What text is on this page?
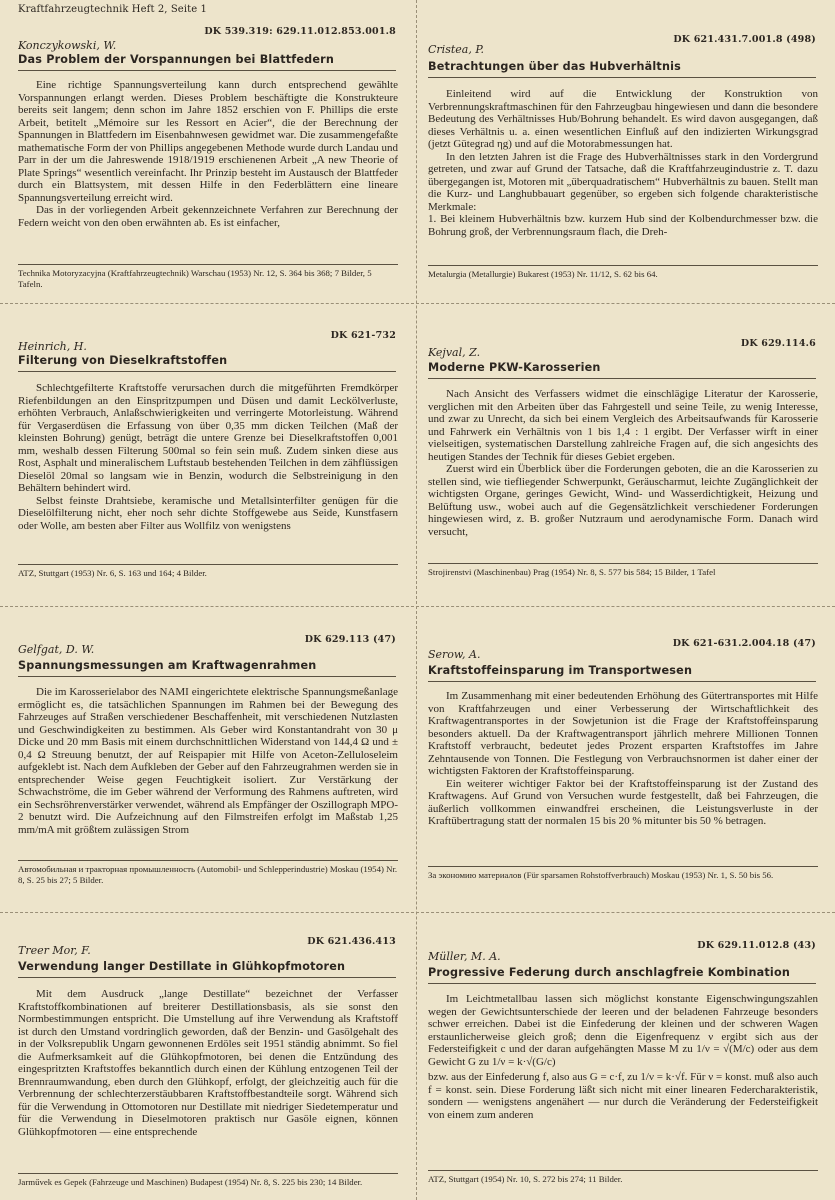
Kraftfahrzeugtechnik Heft 2, Seite 1
DK 539.319: 629.11.012.853.001.8
Konczykowski, W.
Das Problem der Vorspannungen bei Blattfedern

Eine richtige Spannungsverteilung kann durch entsprechend gewählte Vorspannungen erlangt werden. Dieses Problem beschäftigte die Konstrukteure bereits seit langem; denn schon im Jahre 1852 erschien von F. Phillips die erste Arbeit, betitelt „Mémoire sur les Ressort en Acier“, die der Berechnung der Spannungen in Blattfedern im Eisenbahnwesen gewidmet war. Die zusammengefaßte mathematische Form der von Phillips angegebenen Methode wurde durch Landau und Parr in der um die Jahreswende 1918/1919 erschienenen Arbeit „A new Theorie of Plate Springs“ wesentlich vereinfacht. Ihr Prinzip besteht im Austausch der Blattfeder durch ein Blattsystem, mit dessen Hilfe in den Federblättern eine lineare Spannungsverteilung erreicht wird.

Das in der vorliegenden Arbeit gekennzeichnete Verfahren zur Berechnung der Federn weicht von den oben erwähnten ab. Es ist einfacher,

Technika Motoryzacyjna (Kraftfahrzeugtechnik) Warschau (1953) Nr. 12, S. 364 bis 368; 7 Bilder, 5 Tafeln.
DK 621.431.7.001.8 (498)
Cristea, P.
Betrachtungen über das Hubverhältnis

Einleitend wird auf die Entwicklung der Konstruktion von Verbrennungskraftmaschinen für den Fahrzeugbau hingewiesen und dann die besondere Bedeutung des Verhältnisses Hub/Bohrung behandelt. Es wird davon ausgegangen, daß dieses Verhältnis u. a. einen wesentlichen Einfluß auf den indizierten Wirkungsgrad (jetzt Gütegrad ηg) und auf die Motorabmessungen hat.

In den letzten Jahren ist die Frage des Hubverhältnisses stark in den Vordergrund getreten, und zwar auf Grund der Tatsache, daß die Kraftfahrzeugindustrie z. T. dazu übergegangen ist, Motoren mit „überquadratischem“ Hubverhältnis zu bauen. Stellt man die Kurz- und Langhubbauart gegenüber, so ergeben sich folgende charakteristische Merkmale:

1. Bei kleinem Hubverhältnis bzw. kurzem Hub sind der Kolbendurchmesser bzw. die Bohrung groß, der Verbrennungsraum flach, die Dreh-

Metalurgia (Metallurgie) Bukarest (1953) Nr. 11/12, S. 62 bis 64.
DK 621-732
Heinrich, H.
Filterung von Dieselkraftstoffen

Schlechtgefilterte Kraftstoffe verursachen durch die mitgeführten Fremdkörper Riefenbildungen an den Einspritzpumpen und Düsen und damit Leckölverluste, erhöhten Verbrauch, Anlaßschwierigkeiten und verringerte Motorleistung. Während für Vergaserdüsen die Erfassung von über 0,35 mm dicken Teilchen (Maß der kleinsten Bohrung) genügt, beträgt die untere Grenze bei Dieselkraftstoffen 0,001 mm, weshalb dessen Filterung 500mal so fein sein muß. Zudem sinken diese aus Rost, Asphalt und mineralischem Luftstaub bestehenden Teilchen in dem zähflüssigen Dieselöl 20mal so langsam wie in Benzin, wodurch die Selbstreinigung in den Behältern behindert wird.

Selbst feinste Drahtsiebe, keramische und Metallsinterfilter genügen für die Dieselölfilterung nicht, eher noch sehr dichte Stoffgewebe aus Seide, Kunstfasern oder Wolle, am besten aber Filter aus Wollfilz von wenigstens

ATZ, Stuttgart (1953) Nr. 6, S. 163 und 164; 4 Bilder.
DK 629.114.6
Kejval, Z.
Moderne PKW-Karosserien

Nach Ansicht des Verfassers widmet die einschlägige Literatur der Karosserie, verglichen mit den Arbeiten über das Fahrgestell und seine Teile, zu wenig Interesse, und zwar zu Unrecht, da sich bei einem Vergleich des Arbeitsaufwands für Karosserie und Fahrwerk ein Verhältnis von 1 bis 1,4 : 1 ergibt. Der Verfasser wirft in einer vielseitigen, systematischen Darstellung zahlreiche Fragen auf, die sich angesichts des heutigen Standes der Technik für dieses Gebiet ergeben.

Zuerst wird ein Überblick über die Forderungen geboten, die an die Karosserien zu stellen sind, wie tiefliegender Schwerpunkt, Geräuscharmut, leichte Zugänglichkeit der wichtigsten Organe, geringes Gewicht, Wind- und Wasserdichtigkeit, Heizung und Belüftung usw., wobei auch auf die Gegensätzlichkeit verschiedener Forderungen hingewiesen wird, z. B. großer Nutzraum und aerodynamische Form. Danach wird versucht,

Strojirenstvi (Maschinenbau) Prag (1954) Nr. 8, S. 577 bis 584; 15 Bilder, 1 Tafel
DK 629.113 (47)
Gelfgat, D. W.
Spannungsmessungen am Kraftwagenrahmen

Die im Karosserielabor des NAMI eingerichtete elektrische Spannungsmeßanlage ermöglicht es, die tatsächlichen Spannungen im Rahmen bei der Bewegung des Fahrzeuges auf Straßen verschiedener Beschaffenheit, mit verschiedenen Nutzlasten und Geschwindigkeiten zu bestimmen. Als Geber wird Konstantandraht von 30 μ Dicke und 20 mm Basis mit einem durchschnittlichen Widerstand von 144,4 Ω und ± 0,4 Ω Streuung benutzt, der auf Reispapier mit Hilfe von Aceton-Zelluloseleim aufgeklebt ist. Nach dem Aufkleben der Geber auf den Fahrzeugrahmen werden sie in entsprechender Weise gegen Feuchtigkeit isoliert. Zur Verstärkung der Schwachströme, die im Geber während der Verformung des Rahmens auftreten, wird ein Sechsröhrenverstärker verwendet, während als Empfänger der Oszillograph MPO-2 benutzt wird. Die Aufzeichnung auf den Filmstreifen erfolgt im Maßstab 1,25 mm/mA mit größtem zulässigen Strom

Автомобильная и тракторная промышленность (Automobil- und Schlepperindustrie) Moskau (1954) Nr. 8, S. 25 bis 27; 5 Bilder.
DK 621-631.2.004.18 (47)
Serow, A.
Kraftstoffeinsparung im Transportwesen

Im Zusammenhang mit einer bedeutenden Erhöhung des Gütertransportes mit Hilfe von Kraftfahrzeugen und einer Verbesserung der Wirtschaftlichkeit des Kraftwagentransportes in der Sowjetunion ist die Frage der Kraftstoffeinsparung besonders aktuell. Da der Kraftwagentransport jährlich mehrere Millionen Tonnen Kraftstoff verbraucht, bedeutet jedes Prozent ersparten Kraftstoffes im Jahre Zehntausende von Tonnen. Die Festlegung von Verbrauchsnormen ist daher einer der wichtigsten Faktoren der Kraftstoffeinsparung.

Ein weiterer wichtiger Faktor bei der Kraftstoffeinsparung ist der Zustand des Kraftwagens. Auf Grund von Versuchen wurde festgestellt, daß bei Fahrzeugen, die äußerlich vollkommen einwandfrei erscheinen, die Leistungsverluste in der Kraftübertragung statt der normalen 15 bis 20 % mitunter bis 50 % betragen.

За экономию материалов (Für sparsamen Rohstoffverbrauch) Moskau (1953) Nr. 1, S. 50 bis 56.
DK 621.436.413
Treer Mor, F.
Verwendung langer Destillate in Glühkopfmotoren

Mit dem Ausdruck „lange Destillate“ bezeichnet der Verfasser Kraftstoffkombinationen auf breiterer Destillationsbasis, als sie sonst den Normbestimmungen entspricht. Die Umstellung auf ihre Verwendung als Kraftstoff ist durch den Umstand vordringlich geworden, daß der Benzin- und Gasölgehalt des in der Volksrepublik Ungarn gewonnenen Erdöles seit 1951 ständig abnimmt. So fiel die Aufmerksamkeit auf die Glühkopfmotoren, bei denen die Entzündung des eingespritzten Kraftstoffes bekanntlich durch einen der Kühlung entzogenen Teil der Brennraumwandung, eben durch den Glühkopf, erfolgt, der gleichzeitig auch für die Verbrennung der schlechterzerstäubbaren Kraftstoffbestandteile sorgt. Während sich für die Verwendung in Ottomotoren nur Destillate mit niedriger Siedetemperatur und für die Verwendung in Dieselmotoren praktisch nur Gasöle eignen, können Glühkopfmotoren — eine entsprechende

Jarművek es Gepek (Fahrzeuge und Maschinen) Budapest (1954) Nr. 8, S. 225 bis 230; 14 Bilder.
DK 629.11.012.8 (43)
Müller, M. A.
Progressive Federung durch anschlagfreie Kombination

Im Leichtmetallbau lassen sich möglichst konstante Eigenschwingungszahlen wegen der Gewichtsunterschiede der leeren und der beladenen Fahrzeuge besonders schwer erreichen. Dabei ist die Einfederung der kleinen und der schweren Wagen erstaunlicherweise gleich groß; denn die Eigenfrequenz ν ergibt sich aus der Federsteifigkeit c und der daran aufgehängten Masse M zu 1/ν = √(M/c) oder aus dem Gewicht G zu 1/ν = k·√(G/c)

bzw. aus der Einfederung f, also aus G = c·f, zu 1/ν = k·√f. Für ν = konst. muß also auch f = konst. sein. Diese Forderung läßt sich nicht mit einer linearen Federcharakteristik, sondern — wenigstens angenähert — nur durch die Veränderung der Federsteifigkeit von einem zum anderen

ATZ, Stuttgart (1954) Nr. 10, S. 272 bis 274; 11 Bilder.
